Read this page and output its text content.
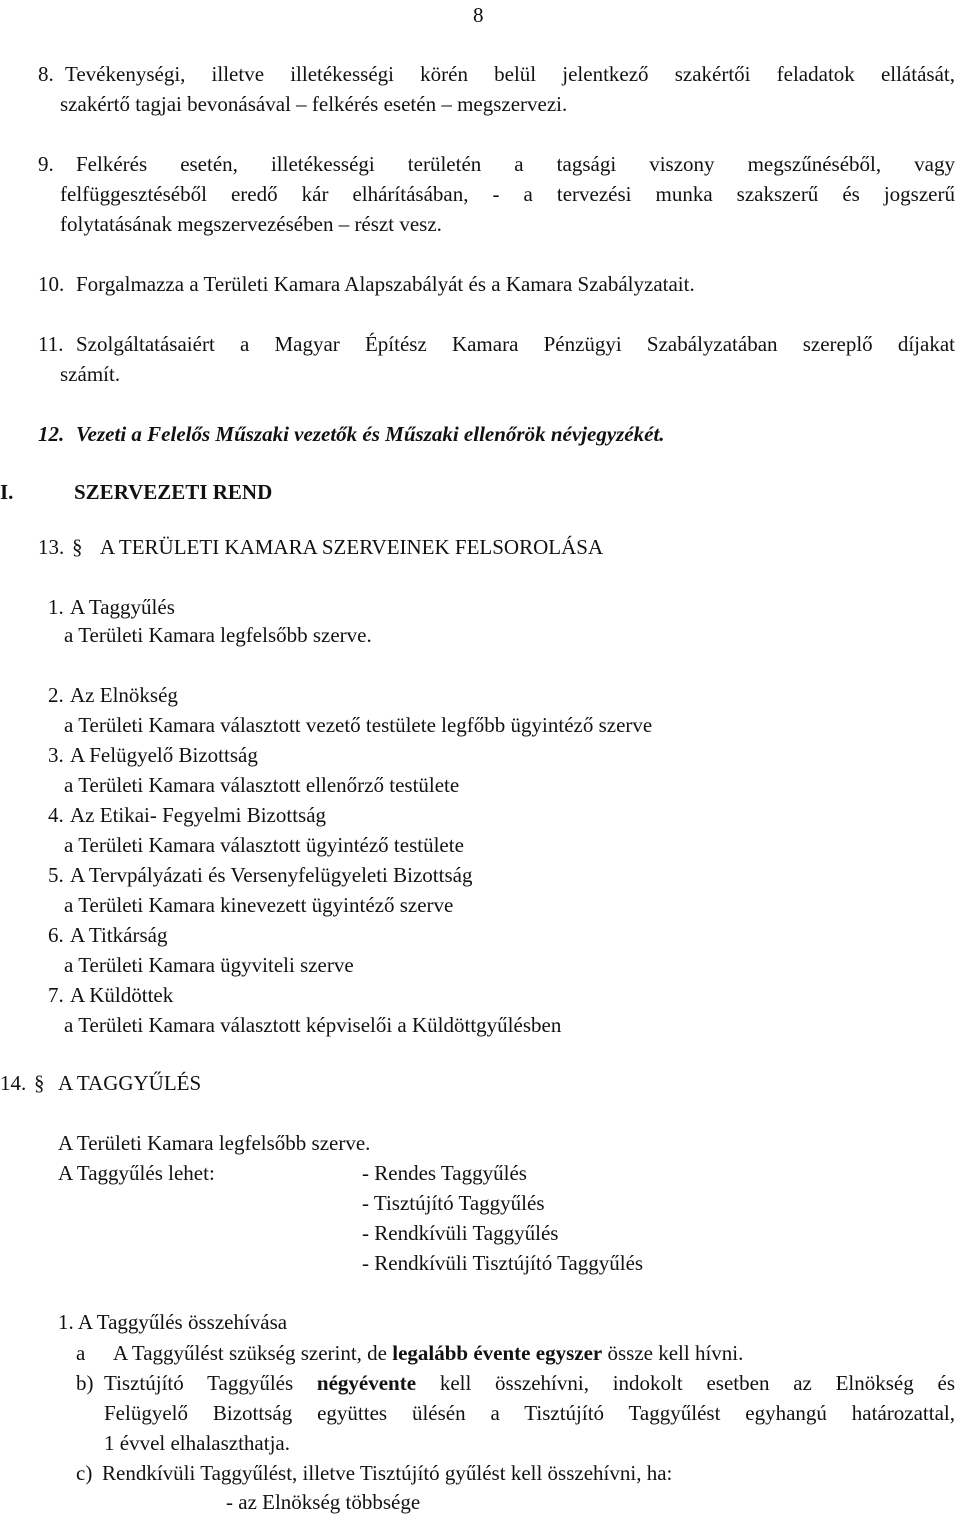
8
8. Tevékenységi, illetve illetékességi körén belül jelentkező szakértői feladatok ellátását,
szakértő tagjai bevonásával – felkérés esetén – megszervezi.
9. Felkérés esetén, illetékességi területén a tagsági viszony megszűnéséből, vagy
felfüggesztéséből eredő kár elhárításában, - a tervezési munka szakszerű és jogszerű
folytatásának megszervezésében – részt vesz.
10. Forgalmazza a Területi Kamara Alapszabályát és a Kamara Szabályzatait.
11. Szolgáltatásaiért a Magyar Építész Kamara Pénzügyi Szabályzatában szereplő díjakat
számít.
12. Vezeti a Felelős Műszaki vezetők és Műszaki ellenőrök névjegyzékét.
I.	SZERVEZETI REND
13. § A TERÜLETI KAMARA SZERVEINEK FELSOROLÁSA
1. A Taggyűlés
a Területi Kamara legfelsőbb szerve.
2. Az Elnökség
a Területi Kamara választott vezető testülete legfőbb ügyintéző szerve
3. A Felügyelő Bizottság
a Területi Kamara választott ellenőrző testülete
4. Az Etikai- Fegyelmi Bizottság
a Területi Kamara választott ügyintéző testülete
5. A Tervpályázati és Versenyfelügyeleti Bizottság
a Területi Kamara kinevezett ügyintéző szerve
6. A Titkárság
a Területi Kamara ügyviteli szerve
7. A Küldöttek
a Területi Kamara választott képviselői a Küldöttgyűlésben
14. § A TAGGYŰLÉS
A Területi Kamara legfelsőbb szerve.
A Taggyűlés lehet:	- Rendes Taggyűlés
- Tisztújító Taggyűlés
- Rendkívüli Taggyűlés
- Rendkívüli Tisztújító Taggyűlés
1. A Taggyűlés összehívása
a A Taggyűlést szükség szerint, de legalább évente egyszer össze kell hívni.
b) Tisztújító Taggyűlés négyévente kell összehívni, indokolt esetben az Elnökség és
Felügyelő Bizottság együttes ülésén a Tisztújító Taggyűlést egyhangú határozattal,
1 évvel elhalaszthatja.
c) Rendkívüli Taggyűlést, illetve Tisztújító gyűlést kell összehívni, ha:
- az Elnökség többsége
